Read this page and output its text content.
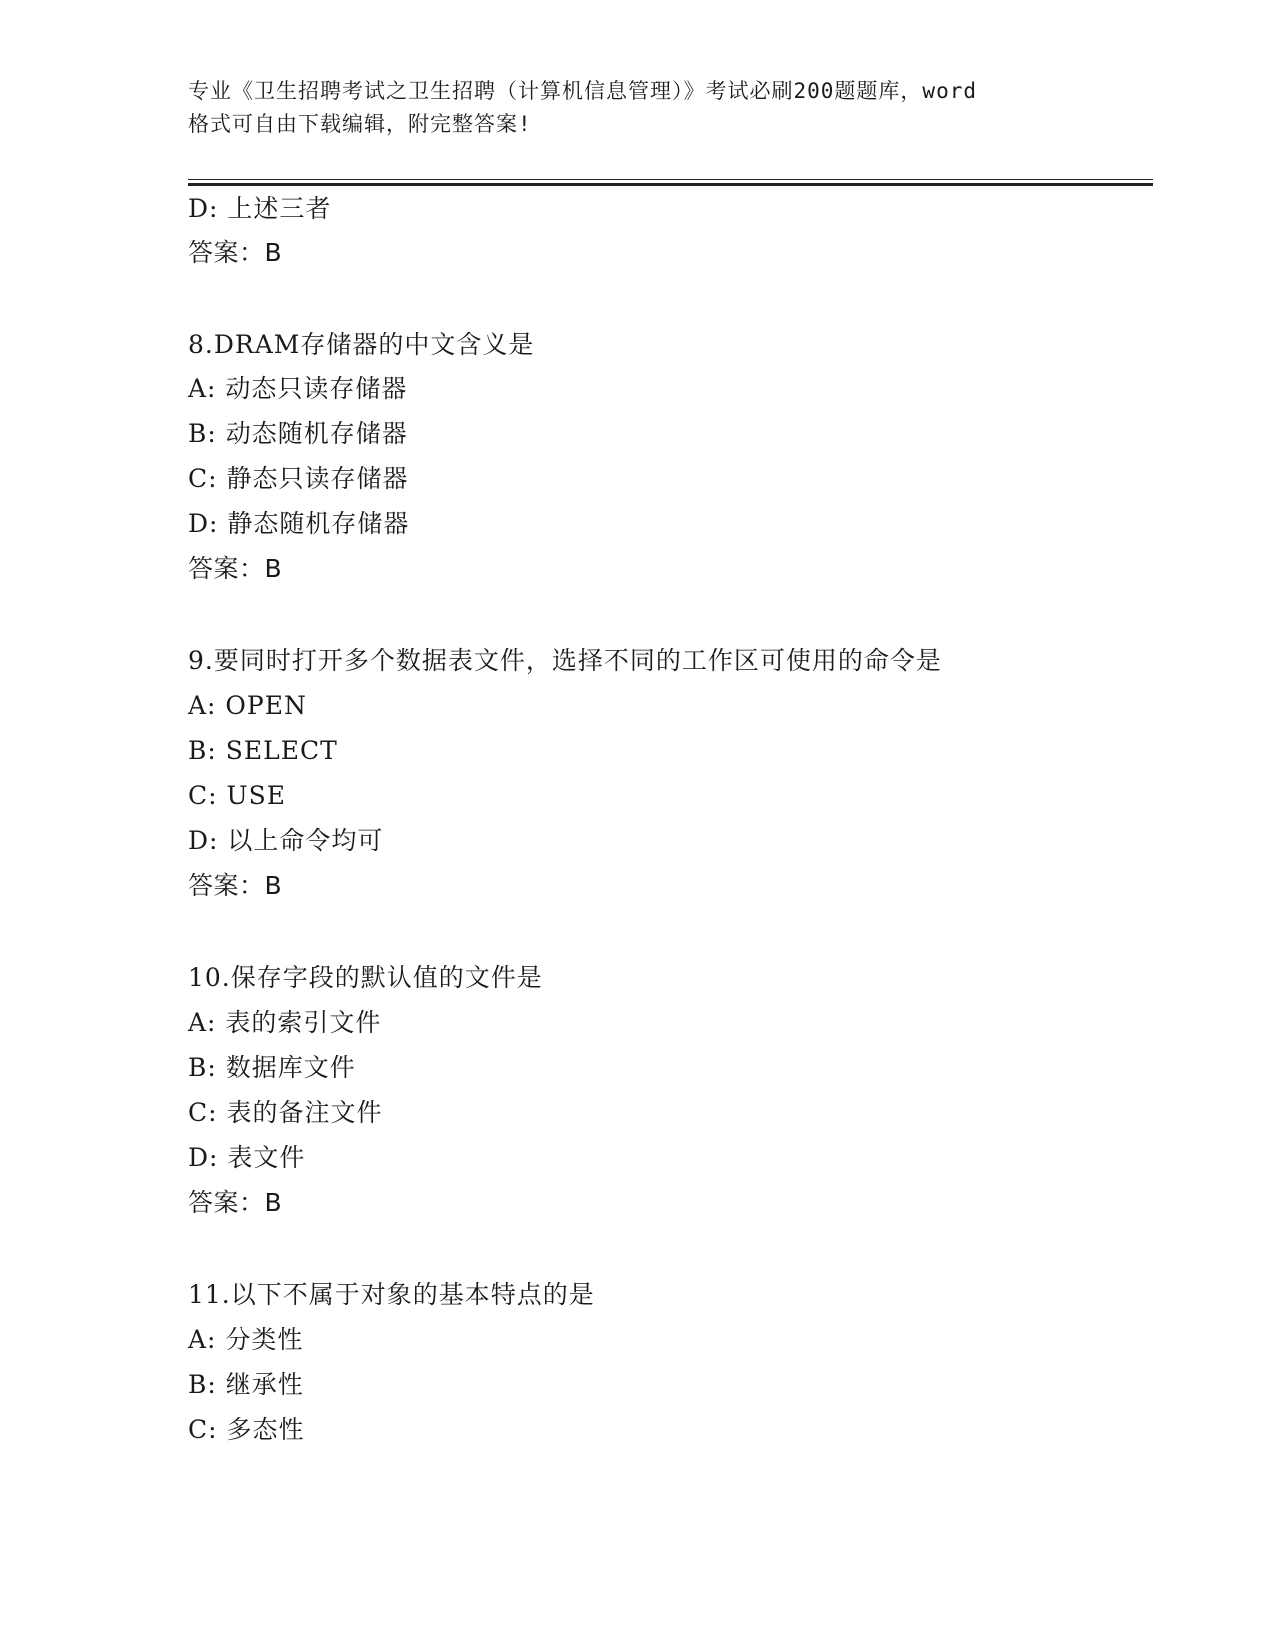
专业《卫生招聘考试之卫生招聘（计算机信息管理）》考试必刷200题题库，word
格式可自由下载编辑，附完整答案!
D: 上述三者
答案：B
8.DRAM存储器的中文含义是
A: 动态只读存储器
B: 动态随机存储器
C: 静态只读存储器
D: 静态随机存储器
答案：B
9.要同时打开多个数据表文件，选择不同的工作区可使用的命令是
A: OPEN
B: SELECT
C: USE
D: 以上命令均可
答案：B
10.保存字段的默认值的文件是
A: 表的索引文件
B: 数据库文件
C: 表的备注文件
D: 表文件
答案：B
11.以下不属于对象的基本特点的是
A: 分类性
B: 继承性
C: 多态性
